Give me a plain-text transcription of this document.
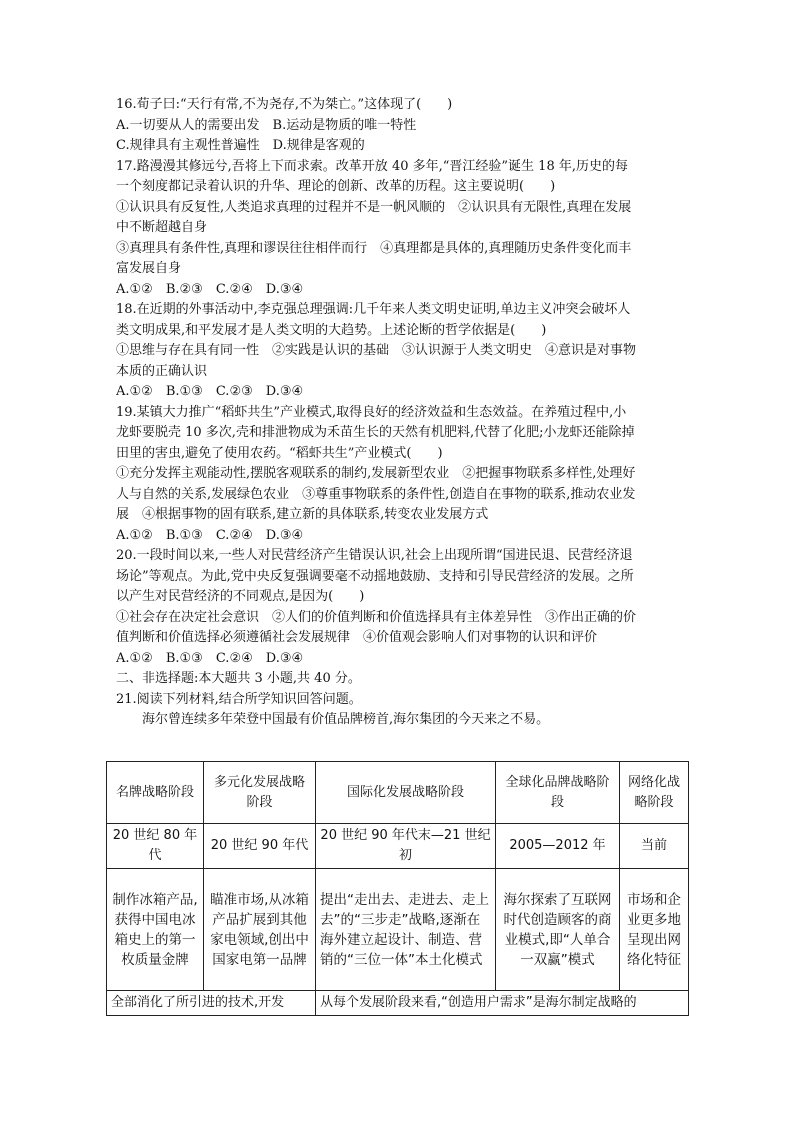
16.荀子曰:“天行有常,不为尧存,不为桀亡。”这体现了(　　)
A.一切要从人的需要出发　B.运动是物质的唯一特性
C.规律具有主观性普遍性　D.规律是客观的
17.路漫漫其修远兮,吾将上下而求索。改革开放 40 多年,“晋江经验”诞生 18 年,历史的每
一个刻度都记录着认识的升华、理论的创新、改革的历程。这主要说明(　　)
①认识具有反复性,人类追求真理的过程并不是一帆风顺的　②认识具有无限性,真理在发展
中不断超越自身
③真理具有条件性,真理和谬误往往相伴而行　④真理都是具体的,真理随历史条件变化而丰
富发展自身
A.①②　B.②③　C.②④　D.③④
18.在近期的外事活动中,李克强总理强调:几千年来人类文明史证明,单边主义冲突会破坏人
类文明成果,和平发展才是人类文明的大趋势。上述论断的哲学依据是(　　)
①思维与存在具有同一性　②实践是认识的基础　③认识源于人类文明史　④意识是对事物
本质的正确认识
A.①②　B.①③　C.②③　D.③④
19.某镇大力推广“稻虾共生”产业模式,取得良好的经济效益和生态效益。在养殖过程中,小
龙虾要脱壳 10 多次,壳和排泄物成为禾苗生长的天然有机肥料,代替了化肥;小龙虾还能除掉
田里的害虫,避免了使用农药。“稻虾共生”产业模式(　　)
①充分发挥主观能动性,摆脱客观联系的制约,发展新型农业　②把握事物联系多样性,处理好
人与自然的关系,发展绿色农业　③尊重事物联系的条件性,创造自在事物的联系,推动农业发
展　④根据事物的固有联系,建立新的具体联系,转变农业发展方式
A.①②　B.①③　C.②④　D.③④
20.一段时间以来,一些人对民营经济产生错误认识,社会上出现所谓“国进民退、民营经济退
场论”等观点。为此,党中央反复强调要毫不动摇地鼓励、支持和引导民营经济的发展。之所
以产生对民营经济的不同观点,是因为(　　)
①社会存在决定社会意识　②人们的价值判断和价值选择具有主体差异性　③作出正确的价
值判断和价值选择必须遵循社会发展规律　④价值观会影响人们对事物的认识和评价
A.①②　B.①③　C.②④　D.③④
二、非选择题:本大题共 3 小题,共 40 分。
21.阅读下列材料,结合所学知识回答问题。
海尔曾连续多年荣登中国最有价值品牌榜首,海尔集团的今天来之不易。
名牌战略阶段	多元化发展战略阶段	国际化发展战略阶段	全球化品牌战略阶段	网络化战略阶段
20 世纪 80 年代	20 世纪 90 年代	20 世纪 90 年代末—21 世纪初	2005—2012 年	当前
制作冰箱产品,获得中国电冰箱史上的第一枚质量金牌	瞄准市场,从冰箱产品扩展到其他家电领域,创出中国家电第一品牌	提出“走出去、走进去、走上去”的“三步走”战略,逐渐在海外建立起设计、制造、营销的“三位一体”本土化模式	海尔探索了互联网时代创造顾客的商业模式,即“人单合一双赢”模式	市场和企业更多地呈现出网络化特征
全部消化了所引进的技术,开发		从每个发展阶段来看,“创造用户需求”是海尔制定战略的		
